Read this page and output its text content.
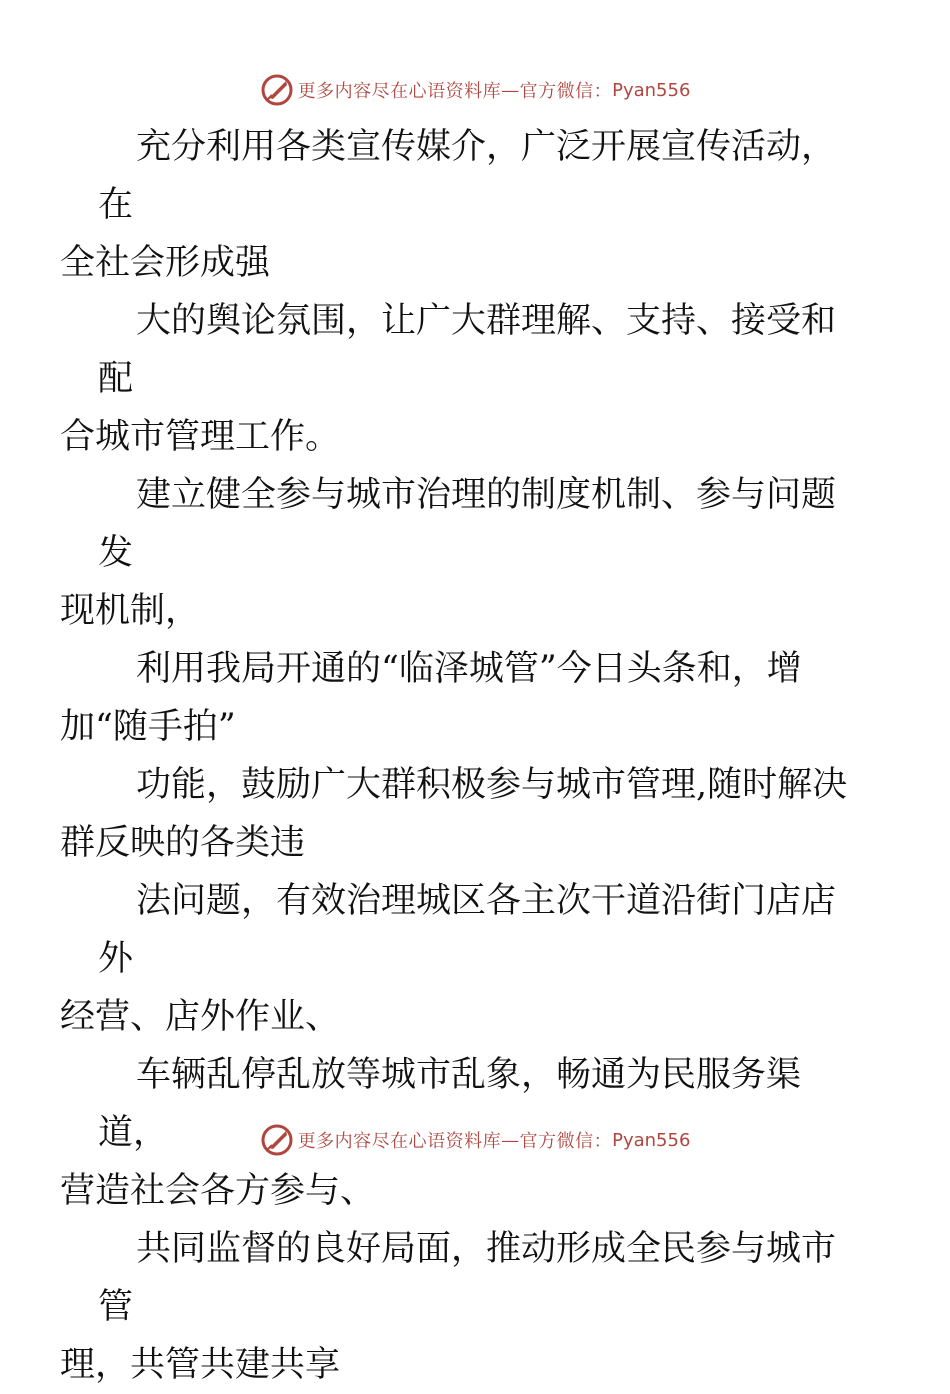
更多内容尽在心语资料库 — 官方微信： Pyan556

充分利用各类宣传媒介，广泛开展宣传活动，在
全社会形成强

大的舆论氛围，让广大群理解、支持、接受和配
合城市管理工作。

建立健全参与城市治理的制度机制、参与问题发
现机制，

利用我局开通的“临泽城管”今日头条和，增
加“随手拍”

功能，鼓励广大群积极参与城市管理,随时解决
群反映的各类违

法问题，有效治理城区各主次干道沿街门店店外
经营、店外作业、

车辆乱停乱放等城市乱象，畅通为民服务渠道，
营造社会各方参与、

共同监督的良好局面，推动形成全民参与城市管
理，共管共建共享

更多内容尽在心语资料库 — 官方微信： Pyan556
